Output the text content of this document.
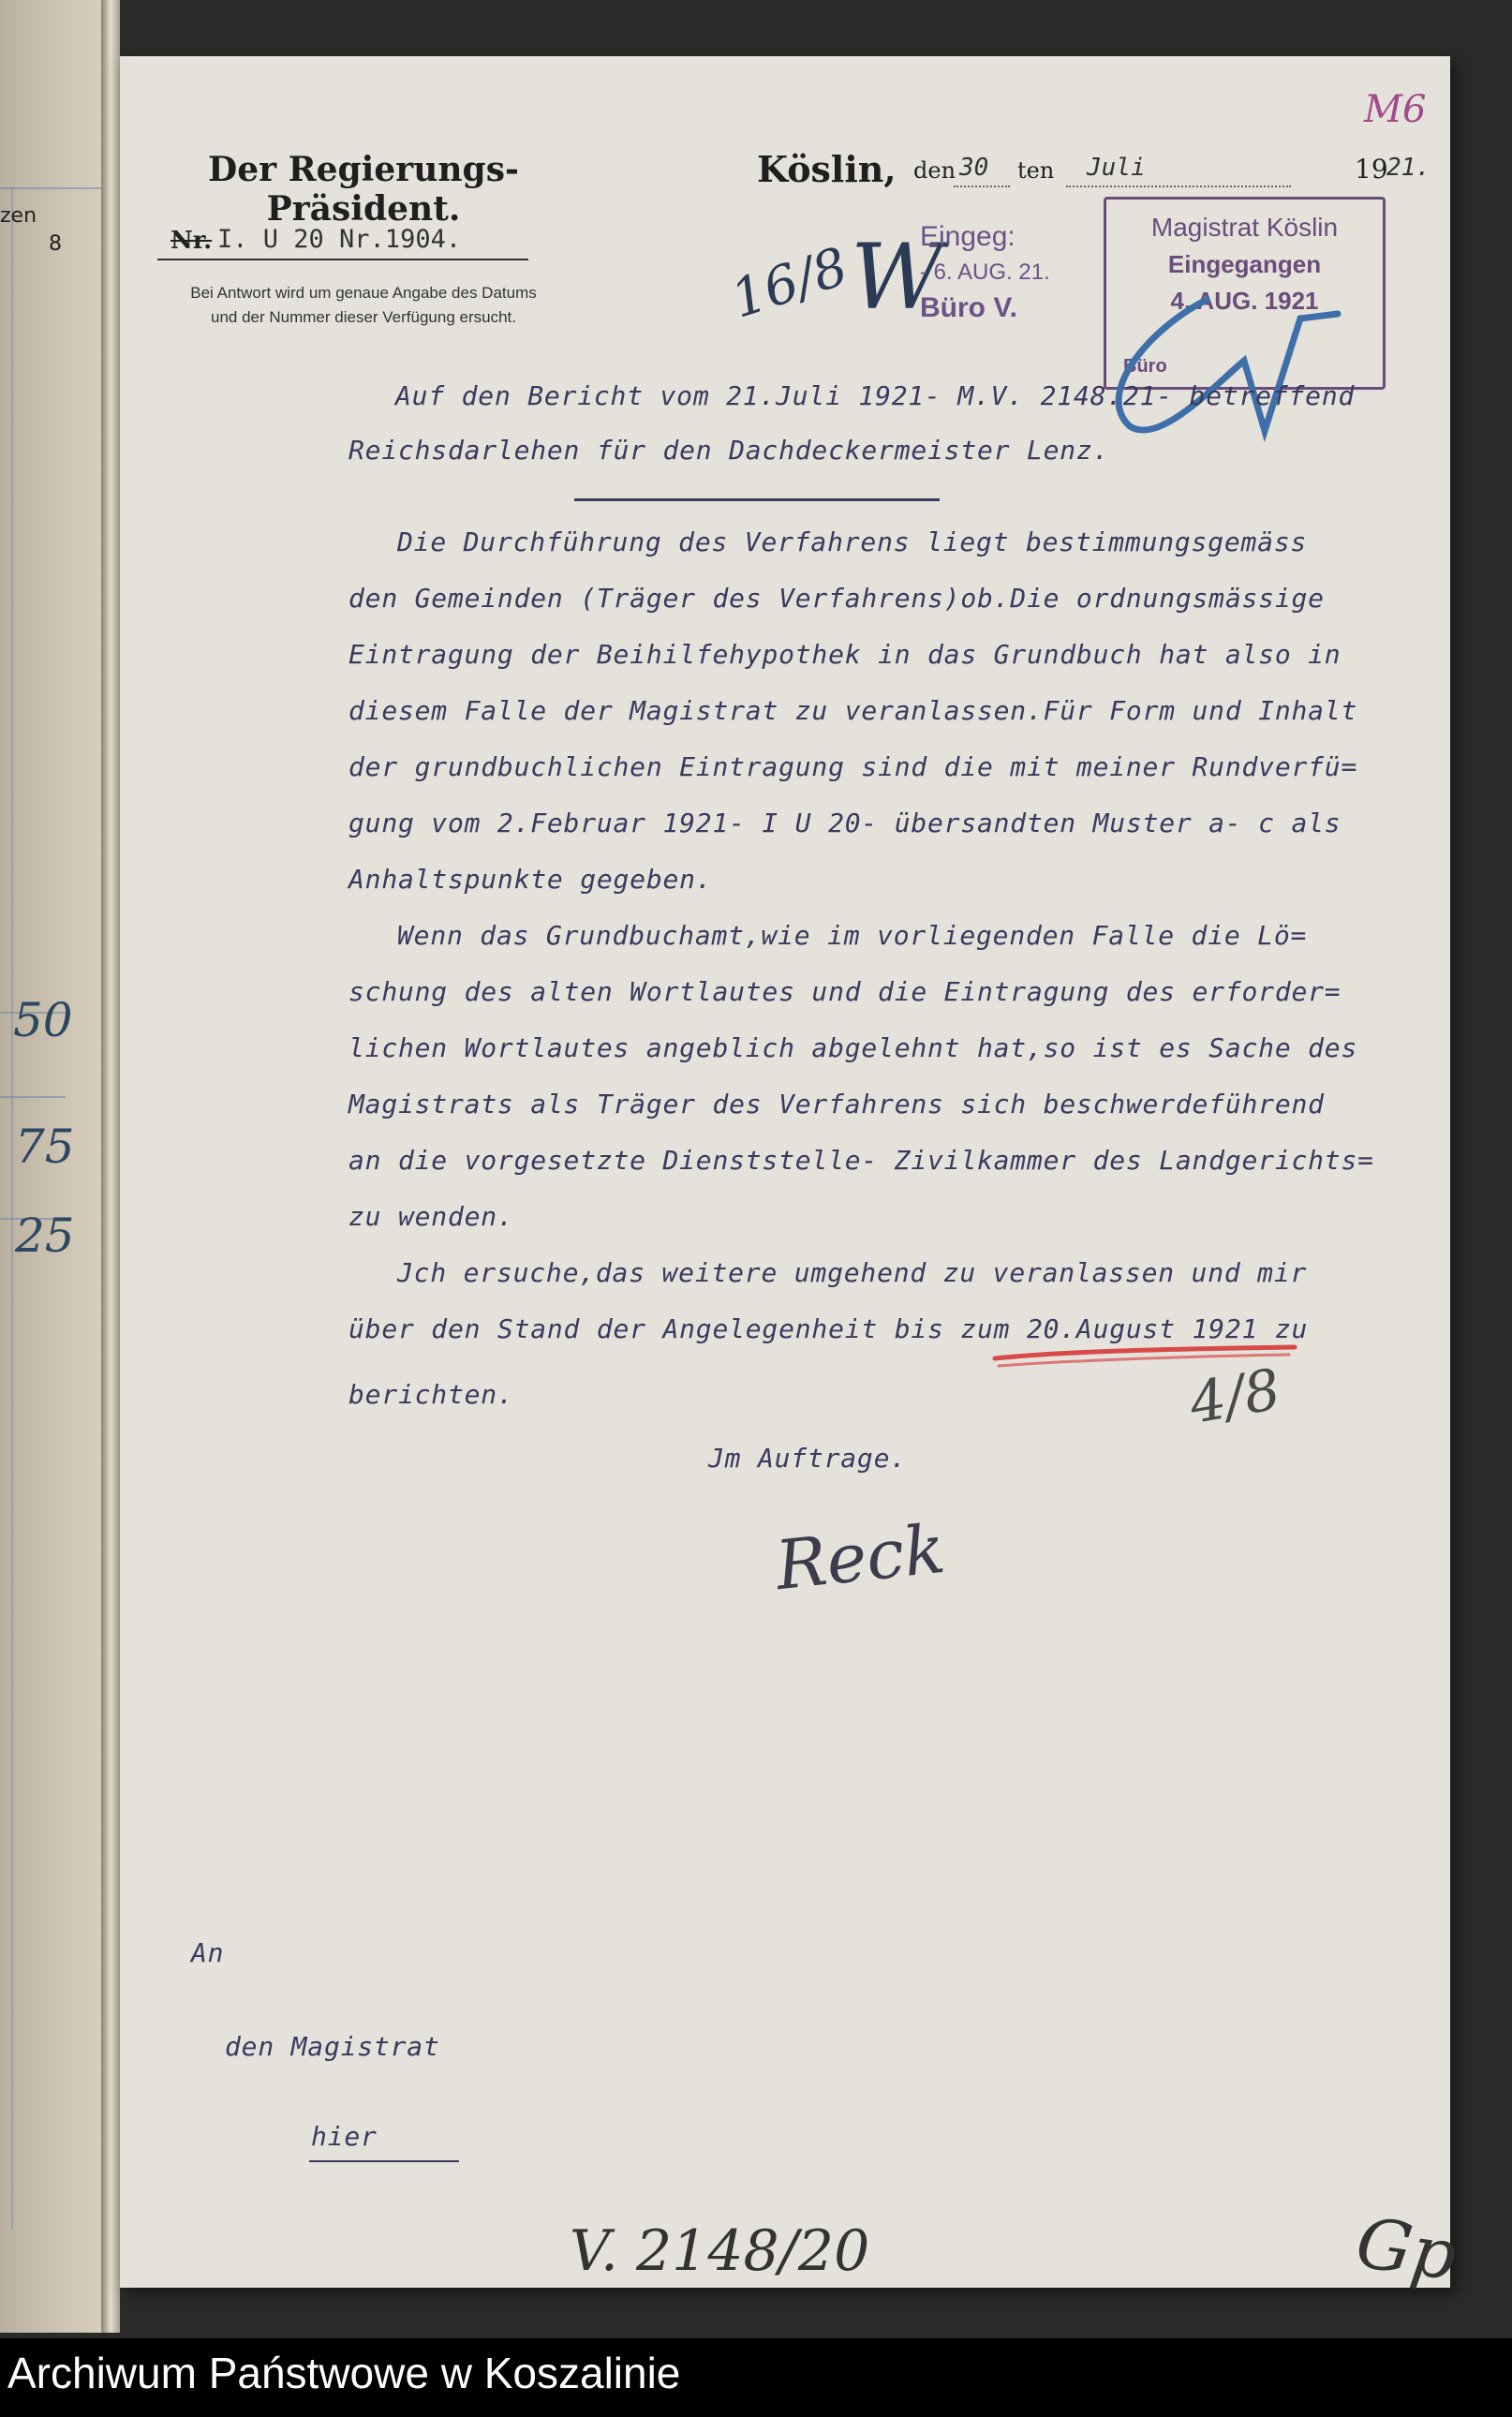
zen
8
50
75
25
M6
Der Regierungs-Präsident.
Köslin, den 30 ten Juli	19
21.
Nr. I. U 20 Nr.1904.
Bei Antwort wird um genaue Angabe des Datums
und der Nummer dieser Verfügung ersucht.	16/8
W
Eingeg:
- 6. AUG. 21.
Büro V.
Magistrat Köslin
Eingegangen
4. AUG. 1921
Büro
Auf den Bericht vom 21.Juli 1921- M.V. 2148.21- betreffend
Reichsdarlehen für den Dachdeckermeister Lenz.
Die Durchführung des Verfahrens liegt bestimmungsgemäss
den Gemeinden (Träger des Verfahrens)ob.Die ordnungsmässige
Eintragung der Beihilfehypothek in das Grundbuch hat also in
diesem Falle der Magistrat zu veranlassen.Für Form und Inhalt
der grundbuchlichen Eintragung sind die mit meiner Rundverfü=
gung vom 2.Februar 1921- I U 20- übersandten Muster a- c als
Anhaltspunkte gegeben.
Wenn das Grundbuchamt,wie im vorliegenden Falle die Lö=
schung des alten Wortlautes und die Eintragung des erforder=
lichen Wortlautes angeblich abgelehnt hat,so ist es Sache des
Magistrats als Träger des Verfahrens sich beschwerdeführend
an die vorgesetzte Dienststelle- Zivilkammer des Landgerichts=
zu wenden.
Jch ersuche,das weitere umgehend zu veranlassen und mir
über den Stand der Angelegenheit bis zum 20.August 1921 zu
berichten.	4/8
Jm Auftrage.
Reck
An
den Magistrat
hier
V. 2148/20	Gp
Archiwum Państwowe w Koszalinie
